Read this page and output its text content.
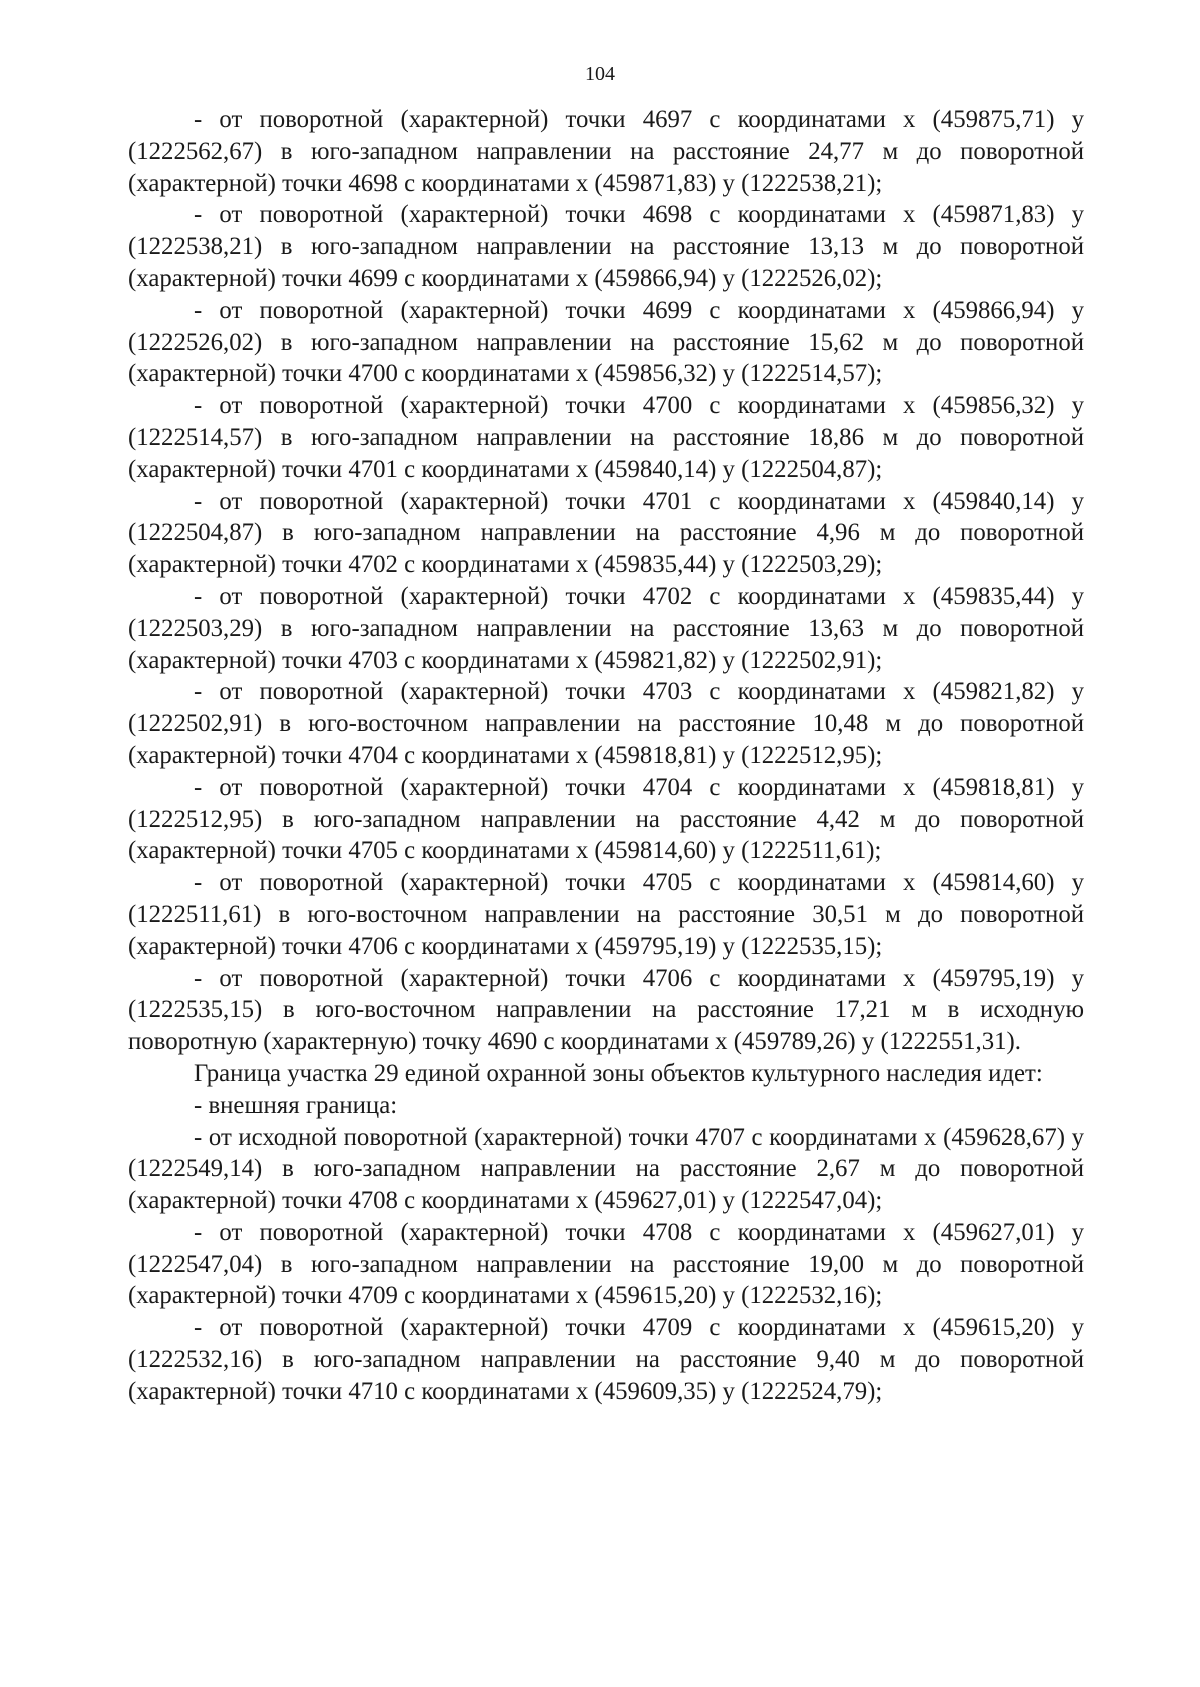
104

- от поворотной (характерной) точки 4697 с координатами x (459875,71) y (1222562,67) в юго-западном направлении на расстояние 24,77 м до поворотной (характерной) точки 4698 с координатами x (459871,83) y (1222538,21);

- от поворотной (характерной) точки 4698 с координатами x (459871,83) y (1222538,21) в юго-западном направлении на расстояние 13,13 м до поворотной (характерной) точки 4699 с координатами x (459866,94) y (1222526,02);

- от поворотной (характерной) точки 4699 с координатами x (459866,94) y (1222526,02) в юго-западном направлении на расстояние 15,62 м до поворотной (характерной) точки 4700 с координатами x (459856,32) y (1222514,57);

- от поворотной (характерной) точки 4700 с координатами x (459856,32) y (1222514,57) в юго-западном направлении на расстояние 18,86 м до поворотной (характерной) точки 4701 с координатами x (459840,14) y (1222504,87);

- от поворотной (характерной) точки 4701 с координатами x (459840,14) y (1222504,87) в юго-западном направлении на расстояние 4,96 м до поворотной (характерной) точки 4702 с координатами x (459835,44) y (1222503,29);

- от поворотной (характерной) точки 4702 с координатами x (459835,44) y (1222503,29) в юго-западном направлении на расстояние 13,63 м до поворотной (характерной) точки 4703 с координатами x (459821,82) y (1222502,91);

- от поворотной (характерной) точки 4703 с координатами x (459821,82) y (1222502,91) в юго-восточном направлении на расстояние 10,48 м до поворотной (характерной) точки 4704 с координатами x (459818,81) y (1222512,95);

- от поворотной (характерной) точки 4704 с координатами x (459818,81) y (1222512,95) в юго-западном направлении на расстояние 4,42 м до поворотной (характерной) точки 4705 с координатами x (459814,60) y (1222511,61);

- от поворотной (характерной) точки 4705 с координатами x (459814,60) y (1222511,61) в юго-восточном направлении на расстояние 30,51 м до поворотной (характерной) точки 4706 с координатами x (459795,19) y (1222535,15);

- от поворотной (характерной) точки 4706 с координатами x (459795,19) y (1222535,15) в юго-восточном направлении на расстояние 17,21 м в исходную поворотную (характерную) точку 4690 с координатами x (459789,26) y (1222551,31).

Граница участка 29 единой охранной зоны объектов культурного наследия идет:

- внешняя граница:

- от исходной поворотной (характерной) точки 4707 с координатами x (459628,67) y (1222549,14) в юго-западном направлении на расстояние 2,67 м до поворотной (характерной) точки 4708 с координатами x (459627,01) y (1222547,04);

- от поворотной (характерной) точки 4708 с координатами x (459627,01) y (1222547,04) в юго-западном направлении на расстояние 19,00 м до поворотной (характерной) точки 4709 с координатами x (459615,20) y (1222532,16);

- от поворотной (характерной) точки 4709 с координатами x (459615,20) y (1222532,16) в юго-западном направлении на расстояние 9,40 м до поворотной (характерной) точки 4710 с координатами x (459609,35) y (1222524,79);
